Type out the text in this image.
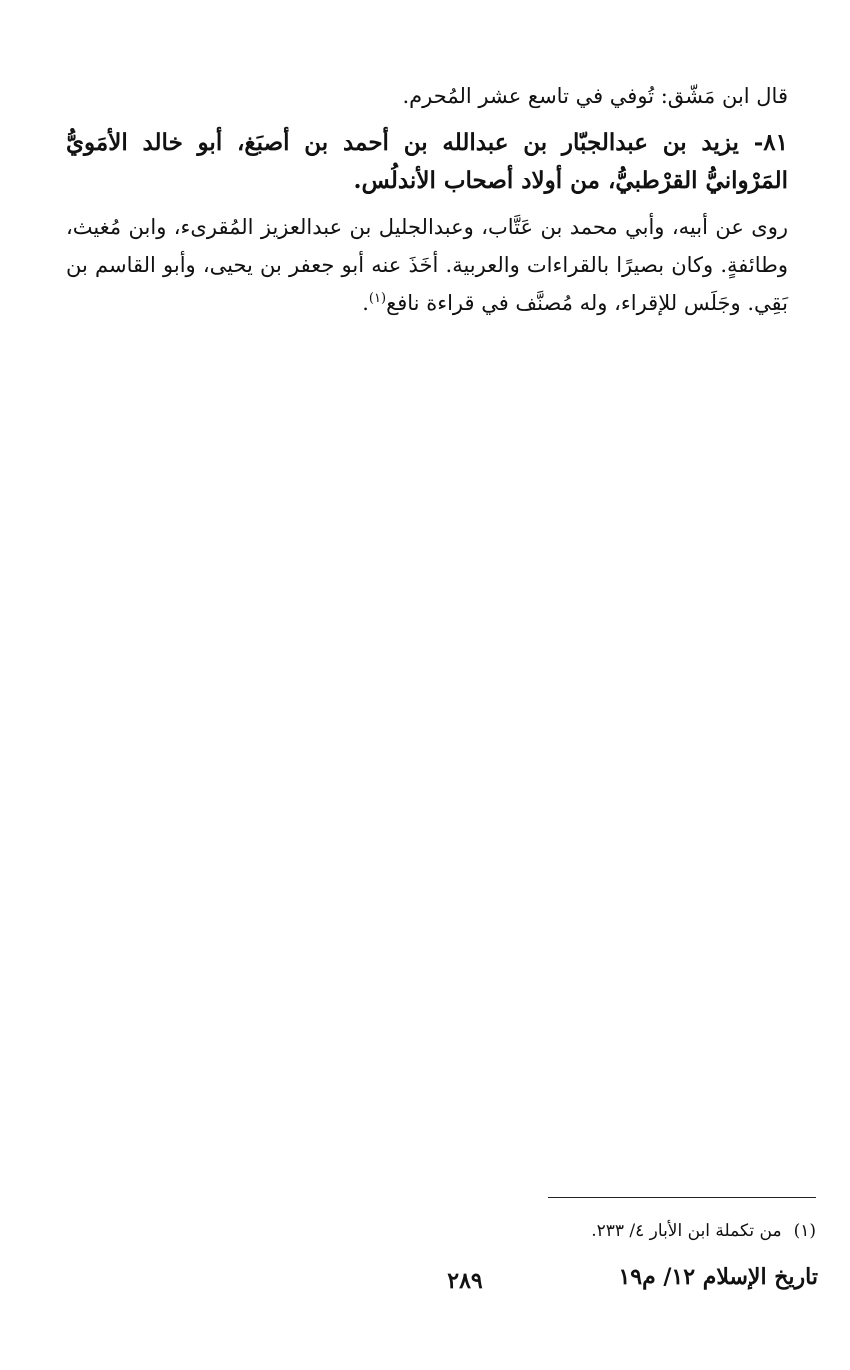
قال ابن مَشّق: تُوفي في تاسع عشر المُحرم.

٨١- يزيد بن عبدالجبّار بن عبدالله بن أحمد بن أصبَغ، أبو خالد الأمَويُّ المَرْوانيُّ القرْطبيُّ، من أولاد أصحاب الأندلُس.

روى عن أبيه، وأبي محمد بن عَتَّاب، وعبدالجليل بن عبدالعزيز المُقرىء، وابن مُغيث، وطائفةٍ. وكان بصيرًا بالقراءات والعربية. أخَذَ عنه أبو جعفر بن يحيى، وأبو القاسم بن بَقِي. وجَلَس للإقراء، وله مُصنَّف في قراءة نافع$^{(١)}$.

(١)من تكملة ابن الأبار ٤/ ٢٣٣.
٢٨٩	تاريخ الإسلام ١٢/ م١٩
